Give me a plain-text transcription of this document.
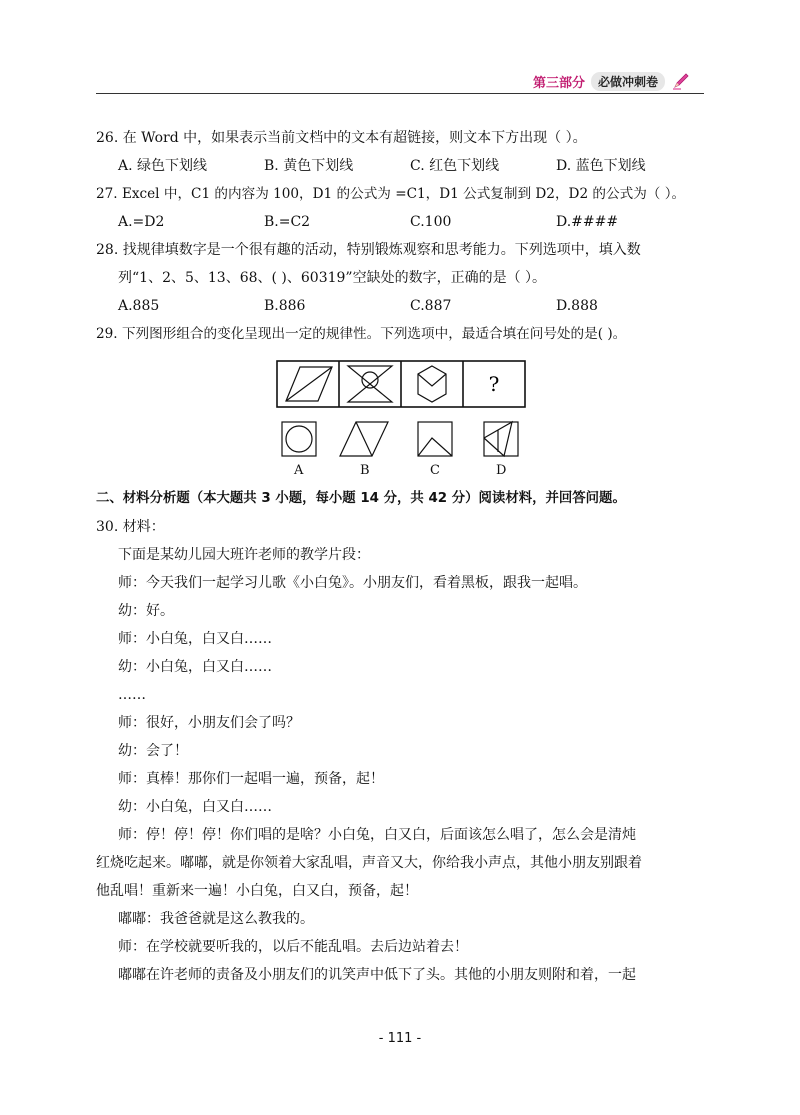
第三部分	必做冲刺卷
26. 在 Word 中，如果表示当前文档中的文本有超链接，则文本下方出现（ ）。
A. 绿色下划线	B. 黄色下划线	C. 红色下划线	D. 蓝色下划线
27. Excel 中，C1 的内容为 100，D1 的公式为 =C1，D1 公式复制到 D2，D2 的公式为（ ）。
A.=D2	B.=C2	C.100	D.####
28. 找规律填数字是一个很有趣的活动，特别锻炼观察和思考能力。下列选项中，填入数
列“1、2、5、13、68、( )、60319”空缺处的数字，正确的是（ ）。
A.885	B.886	C.887	D.888
29. 下列图形组合的变化呈现出一定的规律性。下列选项中，最适合填在问号处的是( )。
?
A	B	C	D
二、材料分析题（本大题共 3 小题，每小题 14 分，共 42 分）阅读材料，并回答问题。
30. 材料：
下面是某幼儿园大班许老师的教学片段：
师：今天我们一起学习儿歌《小白兔》。小朋友们，看着黑板，跟我一起唱。
幼：好。
师：小白兔，白又白……
幼：小白兔，白又白……
……
师：很好，小朋友们会了吗？
幼：会了！
师：真棒！那你们一起唱一遍，预备，起！
幼：小白兔，白又白……
师：停！停！停！你们唱的是啥？小白兔，白又白，后面该怎么唱了，怎么会是清炖
红烧吃起来。嘟嘟，就是你领着大家乱唱，声音又大，你给我小声点，其他小朋友别跟着
他乱唱！重新来一遍！小白兔，白又白，预备，起！
嘟嘟：我爸爸就是这么教我的。
师：在学校就要听我的，以后不能乱唱。去后边站着去！
嘟嘟在许老师的责备及小朋友们的讥笑声中低下了头。其他的小朋友则附和着，一起
- 111 -
